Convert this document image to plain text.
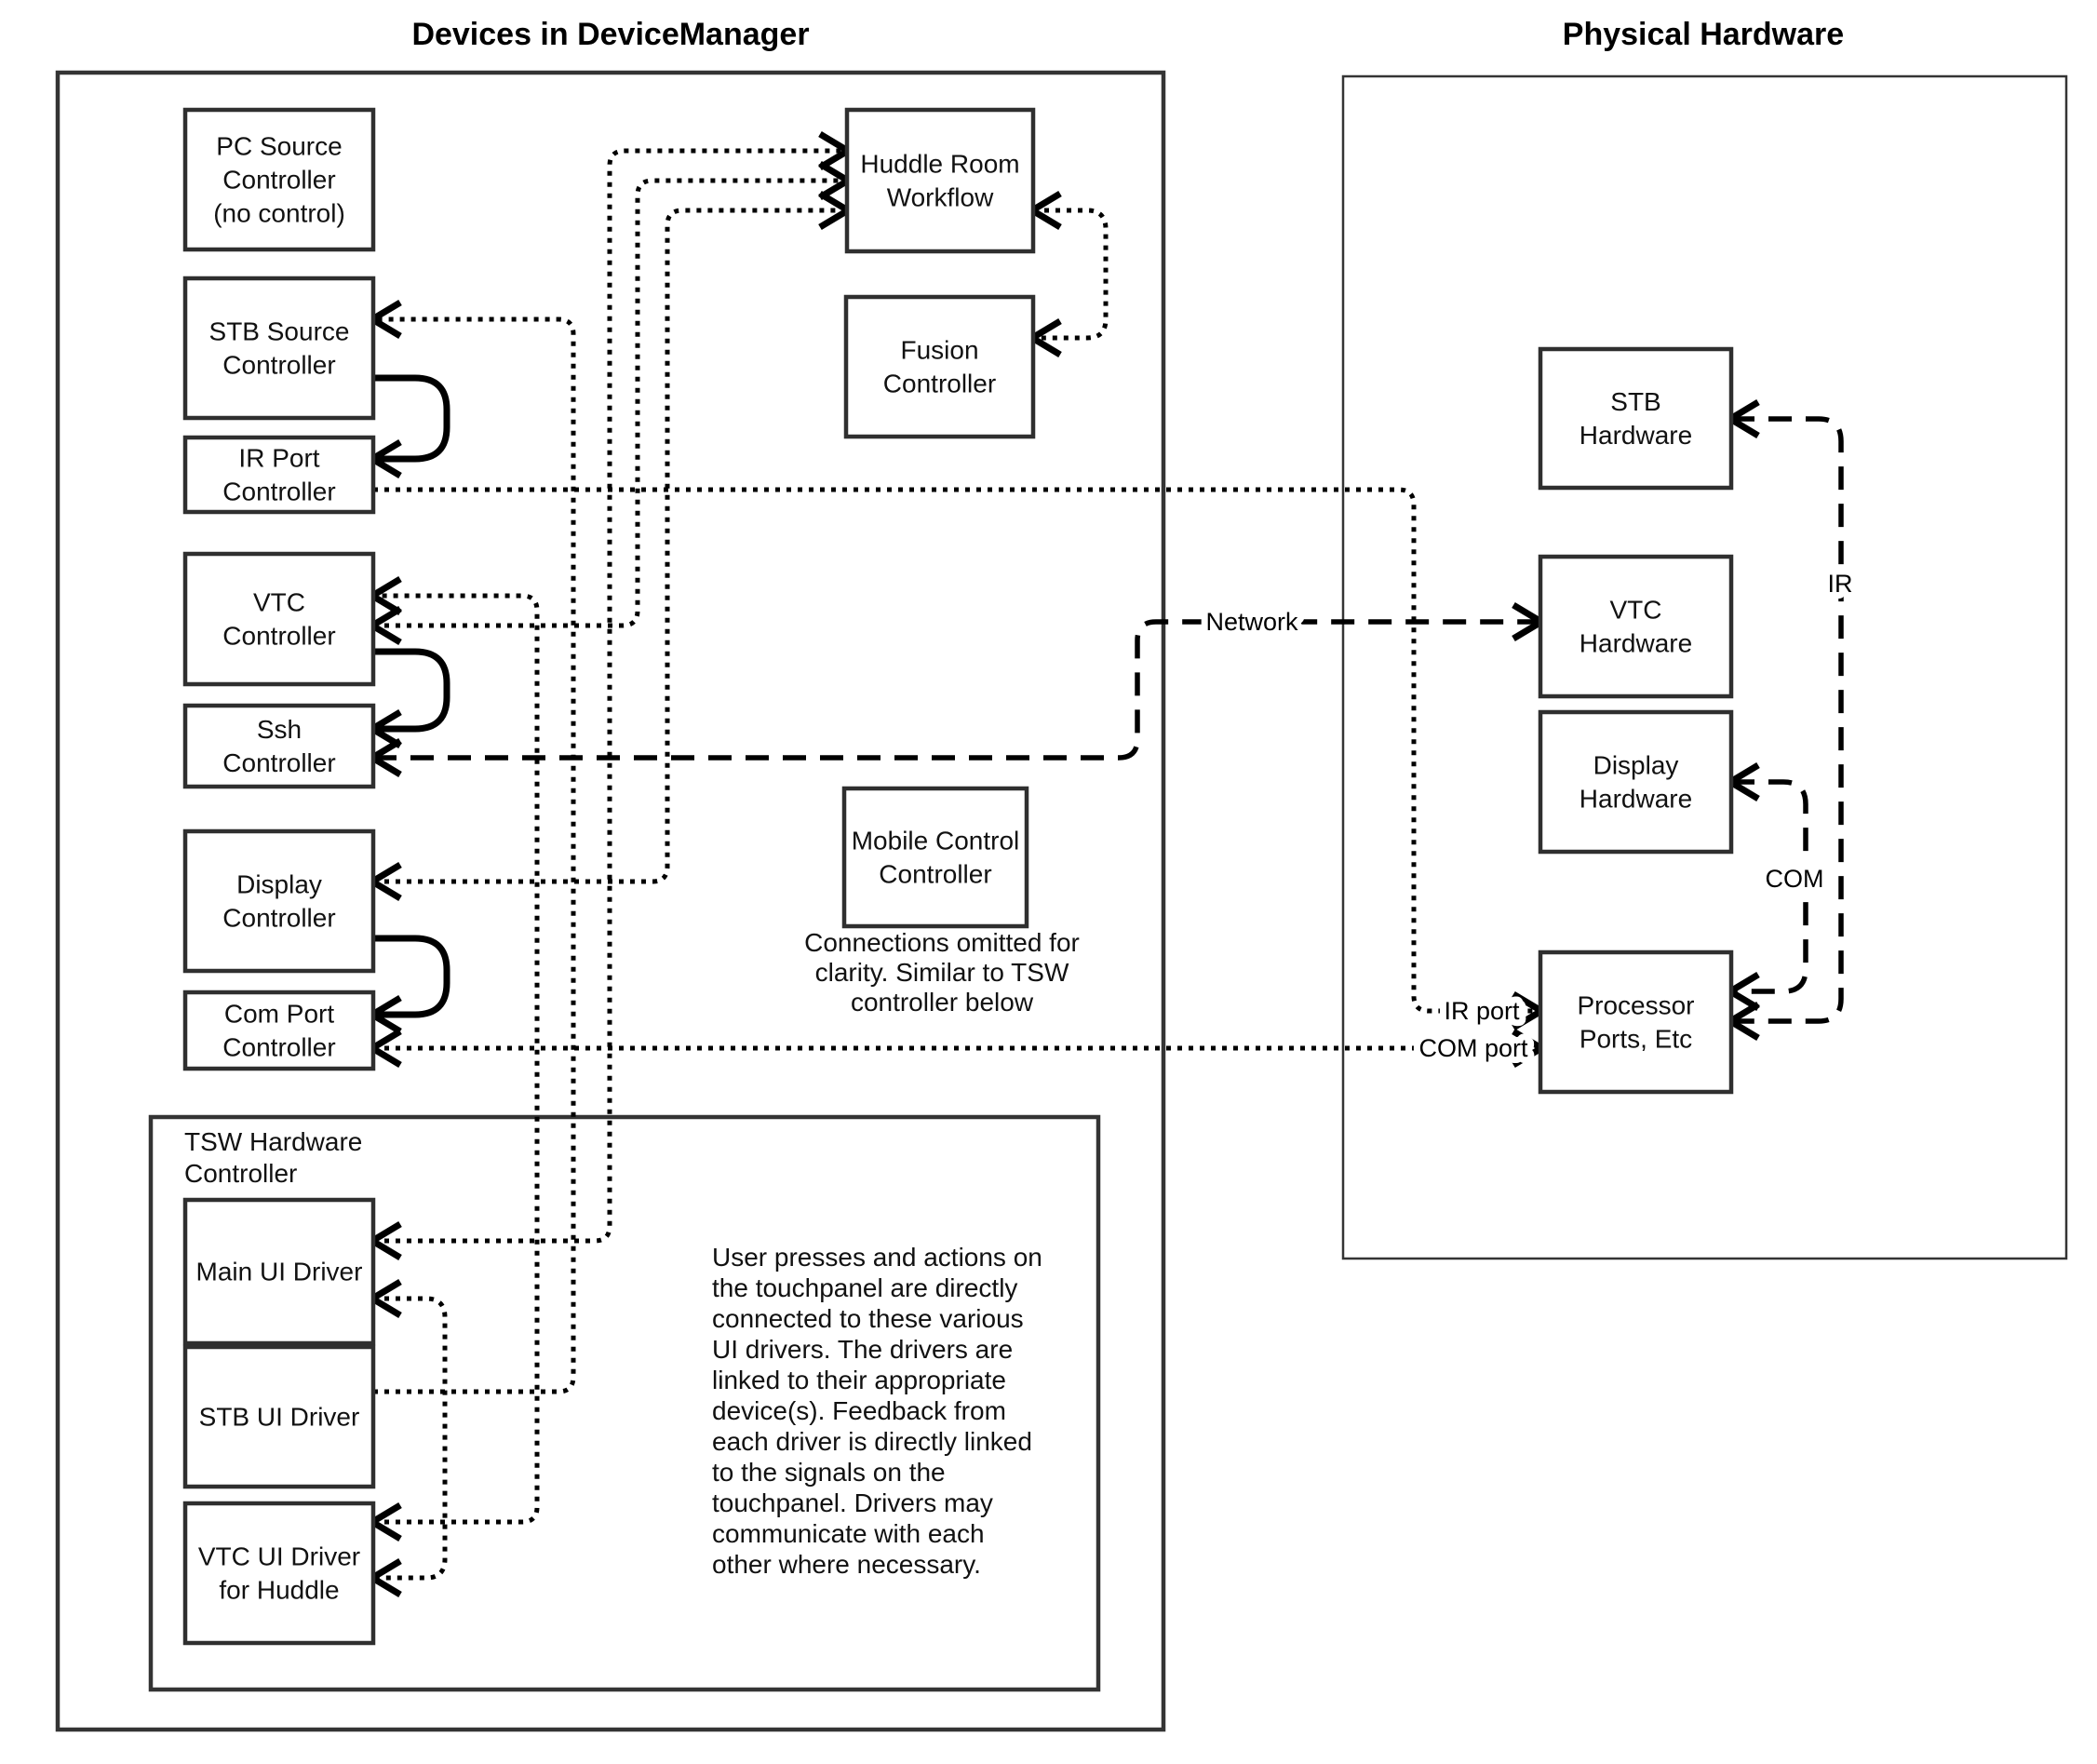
TSW Hardware
Controller
PC Source
Controller
(no control)
STB Source
Controller
IR Port
Controller
VTC
Controller
Ssh
Controller
Display
Controller
Com Port
Controller
Main UI Driver
STB UI Driver
VTC UI Driver
for Huddle
Huddle Room
Workflow
Fusion
Controller
Mobile Control
Controller
STB
Hardware
VTC
Hardware
Display
Hardware
Processor
Ports, Etc
User presses and actions on
the touchpanel are directly
connected to these various
UI drivers. The drivers are
linked to their appropriate
device(s). Feedback from
each driver is directly linked
to the signals on the
touchpanel. Drivers may
communicate with each
other where necessary.
Connections omitted for
clarity. Similar to TSW
controller below
Network
IR
COM
IR port
COM port
Devices in DeviceManager	Physical Hardware
